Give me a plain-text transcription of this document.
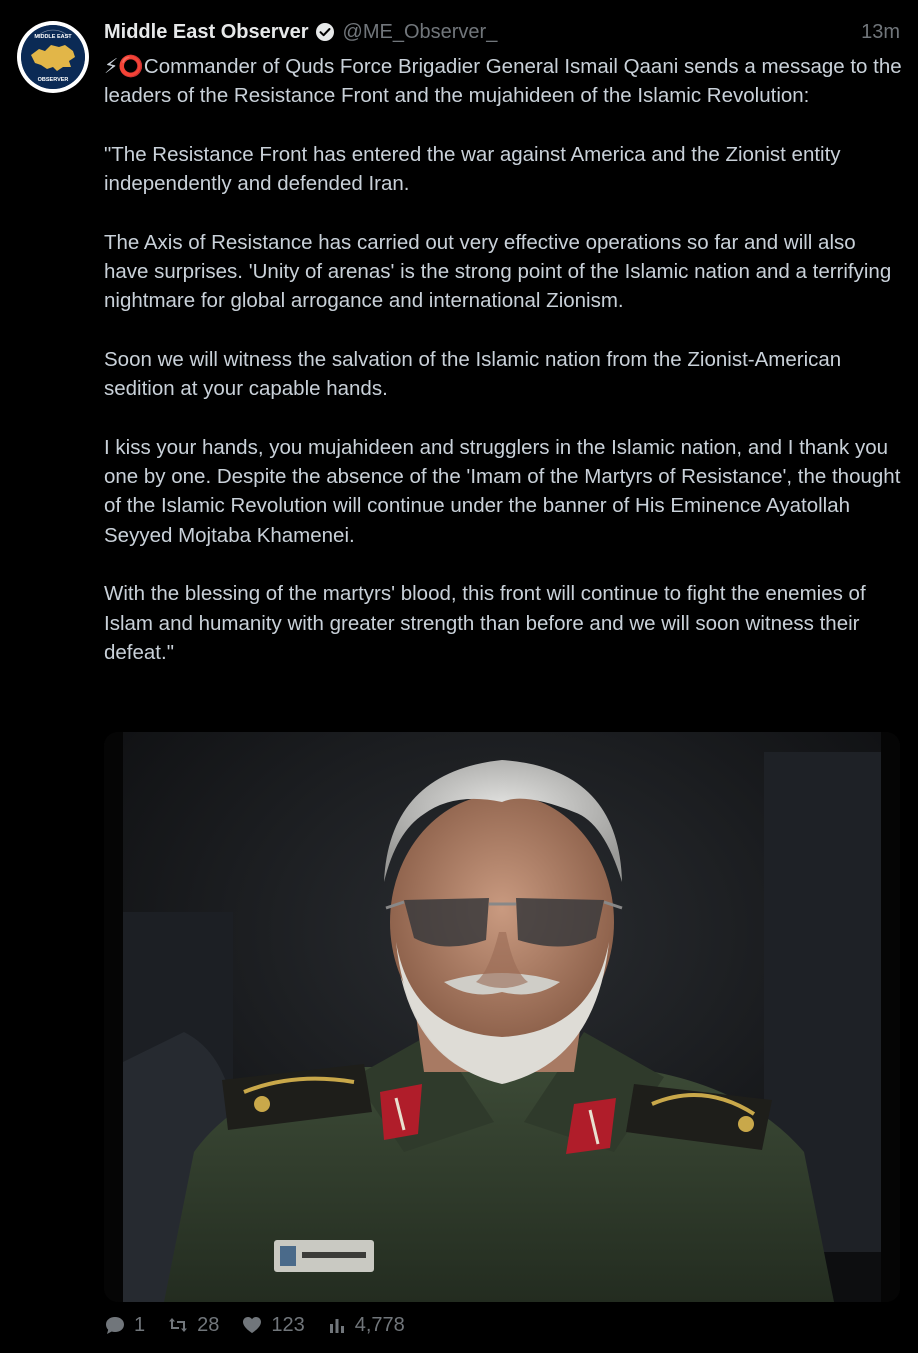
MIDDLE EAST
OBSERVER
Middle East Observer @ME_Observer_	13m

⚡⭕Commander of Quds Force Brigadier General Ismail Qaani sends a message to the leaders of the Resistance Front and the mujahideen of the Islamic Revolution:

"The Resistance Front has entered the war against America and the Zionist entity independently and defended Iran.

The Axis of Resistance has carried out very effective operations so far and will also have surprises. 'Unity of arenas' is the strong point of the Islamic nation and a terrifying nightmare for global arrogance and international Zionism.

Soon we will witness the salvation of the Islamic nation from the Zionist-American sedition at your capable hands.

I kiss your hands, you mujahideen and strugglers in the Islamic nation, and I thank you one by one. Despite the absence of the 'Imam of the Martyrs of Resistance', the thought of the Islamic Revolution will continue under the banner of His Eminence Ayatollah Seyyed Mojtaba Khamenei.

With the blessing of the martyrs' blood, this front will continue to fight the enemies of Islam and humanity with greater strength than before and we will soon witness their defeat."

1	28	123	4,778
